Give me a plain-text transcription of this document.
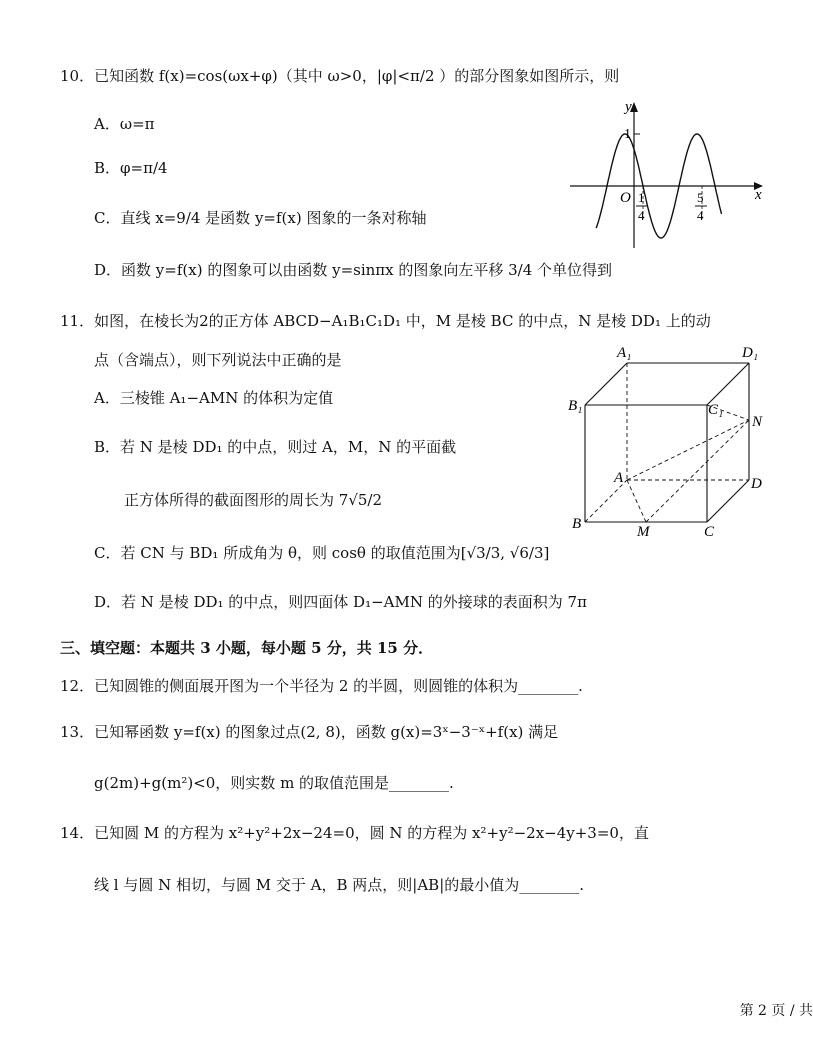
10．已知函数 f(x)=cos(ωx+φ)（其中 ω>0，|φ|<π/2 ）的部分图象如图所示，则
A．ω=π
B．φ=π/4
C．直线 x=9/4 是函数 y=f(x) 图象的一条对称轴
D．函数 y=f(x) 的图象可以由函数 y=sinπx 的图象向左平移 3/4 个单位得到
y
x
O
1
1
4
5
4
11．如图，在棱长为2的正方体 ABCD−A₁B₁C₁D₁ 中，M 是棱 BC 的中点，N 是棱 DD₁ 上的动
点（含端点），则下列说法中正确的是
A．三棱锥 A₁−AMN 的体积为定值
B．若 N 是棱 DD₁ 的中点，则过 A，M，N 的平面截
正方体所得的截面图形的周长为 7√5/2
C．若 CN 与 BD₁ 所成角为 θ，则 cosθ 的取值范围为[√3/3, √6/3]
D．若 N 是棱 DD₁ 的中点，则四面体 D₁−AMN 的外接球的表面积为 7π
A₁	D₁
B₁	C₁
N
A	D
B	M	C
三、填空题：本题共 3 小题，每小题 5 分，共 15 分．
12．已知圆锥的侧面展开图为一个半径为 2 的半圆，则圆锥的体积为________.
13．已知幂函数 y=f(x) 的图象过点(2, 8)，函数 g(x)=3ˣ−3⁻ˣ+f(x) 满足
g(2m)+g(m²)<0，则实数 m 的取值范围是________.
14．已知圆 M 的方程为 x²+y²+2x−24=0，圆 N 的方程为 x²+y²−2x−4y+3=0，直
线 l 与圆 N 相切，与圆 M 交于 A，B 两点，则|AB|的最小值为________.
第 2 页 / 共
